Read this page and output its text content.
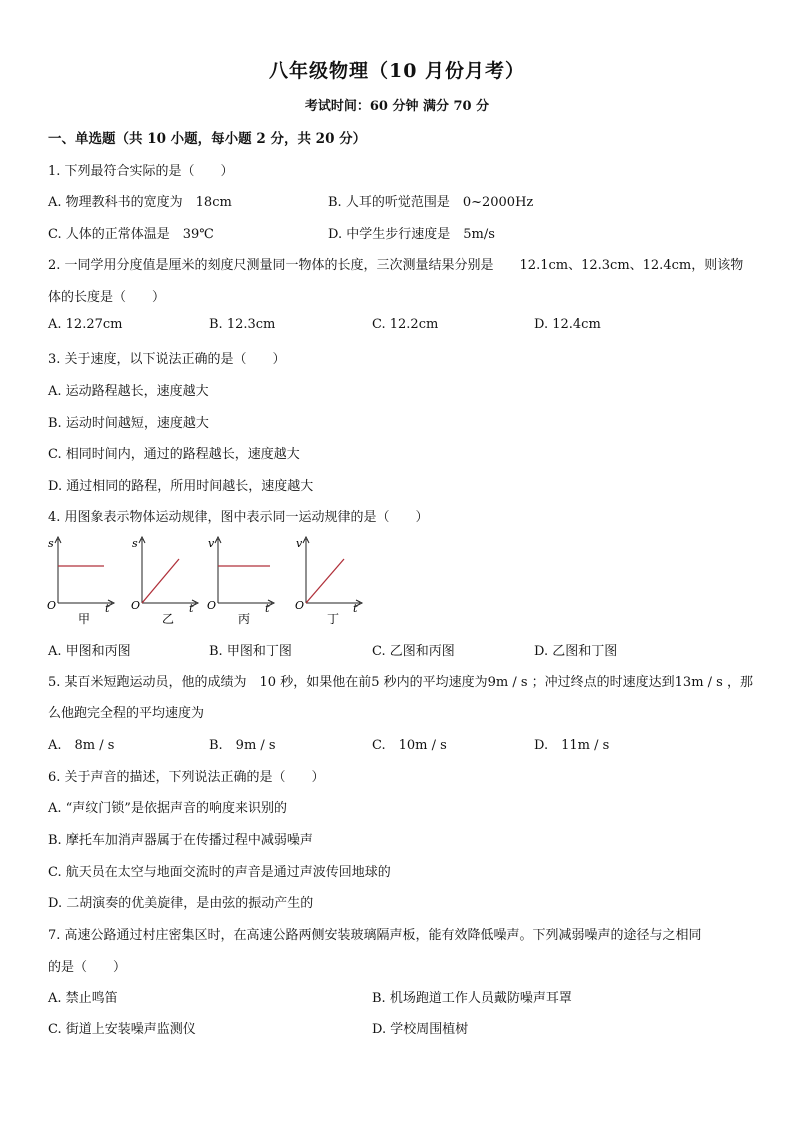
八年级物理（10 月份月考）
考试时间：60 分钟 满分 70 分
一、单选题（共 10 小题，每小题 2 分，共 20 分）
1. 下列最符合实际的是（　　）
A. 物理教科书的宽度为　18cm	B. 人耳的听觉范围是　0~2000Hz
C. 人体的正常体温是　39℃	D. 中学生步行速度是　5m/s
2. 一同学用分度值是厘米的刻度尺测量同一物体的长度，三次测量结果分别是　　12.1cm、12.3cm、12.4cm，则该物
体的长度是（　　）
A. 12.27cm	B. 12.3cm	C. 12.2cm	D. 12.4cm
3. 关于速度，以下说法正确的是（　　）
A. 运动路程越长，速度越大
B. 运动时间越短，速度越大
C. 相同时间内，通过的路程越长，速度越大
D. 通过相同的路程，所用时间越长，速度越大
4. 用图象表示物体运动规律，图中表示同一运动规律的是（　　）
s
O	t
甲
s
O	t
乙
v
O	t
丙
v
O	t
丁
A. 甲图和丙图	B. 甲图和丁图	C. 乙图和丙图	D. 乙图和丁图
5. 某百米短跑运动员，他的成绩为　10 秒，如果他在前5 秒内的平均速度为9m / s ；冲过终点的时速度达到13m / s ，那
么他跑完全程的平均速度为
A.　8m / s	B.　9m / s	C.　10m / s	D.　11m / s
6. 关于声音的描述，下列说法正确的是（　　）
A. “声纹门锁”是依据声音的响度来识别的
B. 摩托车加消声器属于在传播过程中减弱噪声
C. 航天员在太空与地面交流时的声音是通过声波传回地球的
D. 二胡演奏的优美旋律，是由弦的振动产生的
7. 高速公路通过村庄密集区时，在高速公路两侧安装玻璃隔声板，能有效降低噪声。下列减弱噪声的途径与之相同
的是（　　）
A. 禁止鸣笛	B. 机场跑道工作人员戴防噪声耳罩
C. 街道上安装噪声监测仪	D. 学校周围植树
